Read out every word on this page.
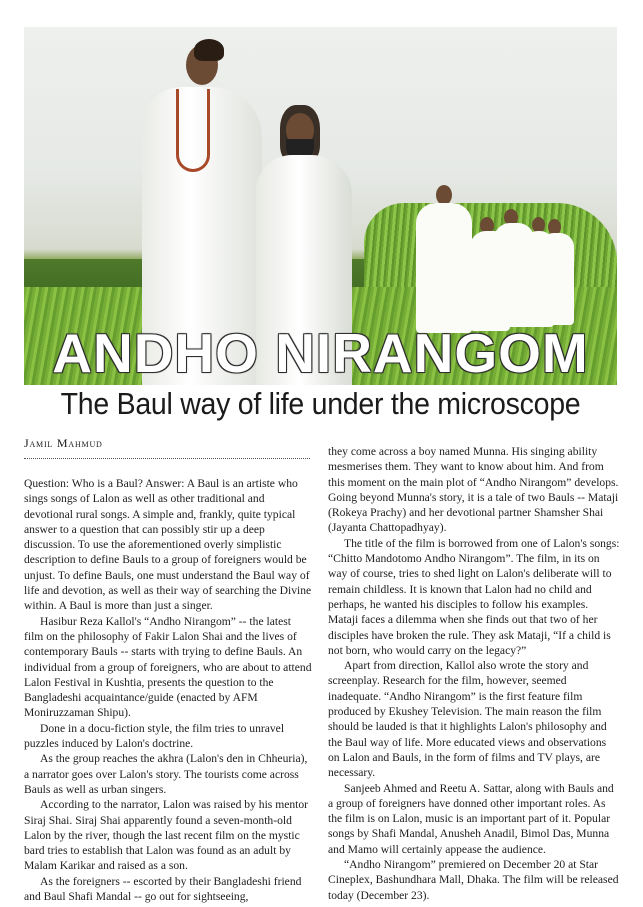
ANDHO NIRANGOM
The Baul way of life under the microscope
Jamil Mahmud

Question: Who is a Baul? Answer: A Baul is an artiste who sings songs of Lalon as well as other traditional and devotional rural songs. A simple and, frankly, quite typical answer to a question that can possibly stir up a deep discussion. To use the aforementioned overly simplistic description to define Bauls to a group of foreigners would be unjust. To define Bauls, one must understand the Baul way of life and devotion, as well as their way of searching the Divine within. A Baul is more than just a singer.

Hasibur Reza Kallol's “Andho Nirangom” -- the latest film on the philosophy of Fakir Lalon Shai and the lives of contemporary Bauls -- starts with trying to define Bauls. An individual from a group of foreigners, who are about to attend Lalon Festival in Kushtia, presents the question to the Bangladeshi acquaintance/guide (enacted by AFM Moniruzzaman Shipu).

Done in a docu-fiction style, the film tries to unravel puzzles induced by Lalon's doctrine.

As the group reaches the akhra (Lalon's den in Chheuria), a narrator goes over Lalon's story. The tourists come across Bauls as well as urban singers.

According to the narrator, Lalon was raised by his mentor Siraj Shai. Siraj Shai apparently found a seven-month-old Lalon by the river, though the last recent film on the mystic bard tries to establish that Lalon was found as an adult by Malam Karikar and raised as a son.

As the foreigners -- escorted by their Bangladeshi friend and Baul Shafi Mandal -- go out for sightseeing,

they come across a boy named Munna. His singing ability mesmerises them. They want to know about him. And from this moment on the main plot of “Andho Nirangom” develops. Going beyond Munna's story, it is a tale of two Bauls -- Mataji (Rokeya Prachy) and her devotional partner Shamsher Shai (Jayanta Chattopadhyay).

The title of the film is borrowed from one of Lalon's songs: “Chitto Mandotomo Andho Nirangom”. The film, in its on way of course, tries to shed light on Lalon's deliberate will to remain childless. It is known that Lalon had no child and perhaps, he wanted his disciples to follow his examples. Mataji faces a dilemma when she finds out that two of her disciples have broken the rule. They ask Mataji, “If a child is not born, who would carry on the legacy?”

Apart from direction, Kallol also wrote the story and screenplay. Research for the film, however, seemed inadequate. “Andho Nirangom” is the first feature film produced by Ekushey Television. The main reason the film should be lauded is that it highlights Lalon's philosophy and the Baul way of life. More educated views and observations on Lalon and Bauls, in the form of films and TV plays, are necessary.

Sanjeeb Ahmed and Reetu A. Sattar, along with Bauls and a group of foreigners have donned other important roles. As the film is on Lalon, music is an important part of it. Popular songs by Shafi Mandal, Anusheh Anadil, Bimol Das, Munna and Mamo will certainly appease the audience.

“Andho Nirangom” premiered on December 20 at Star Cineplex, Bashundhara Mall, Dhaka. The film will be released today (December 23).
